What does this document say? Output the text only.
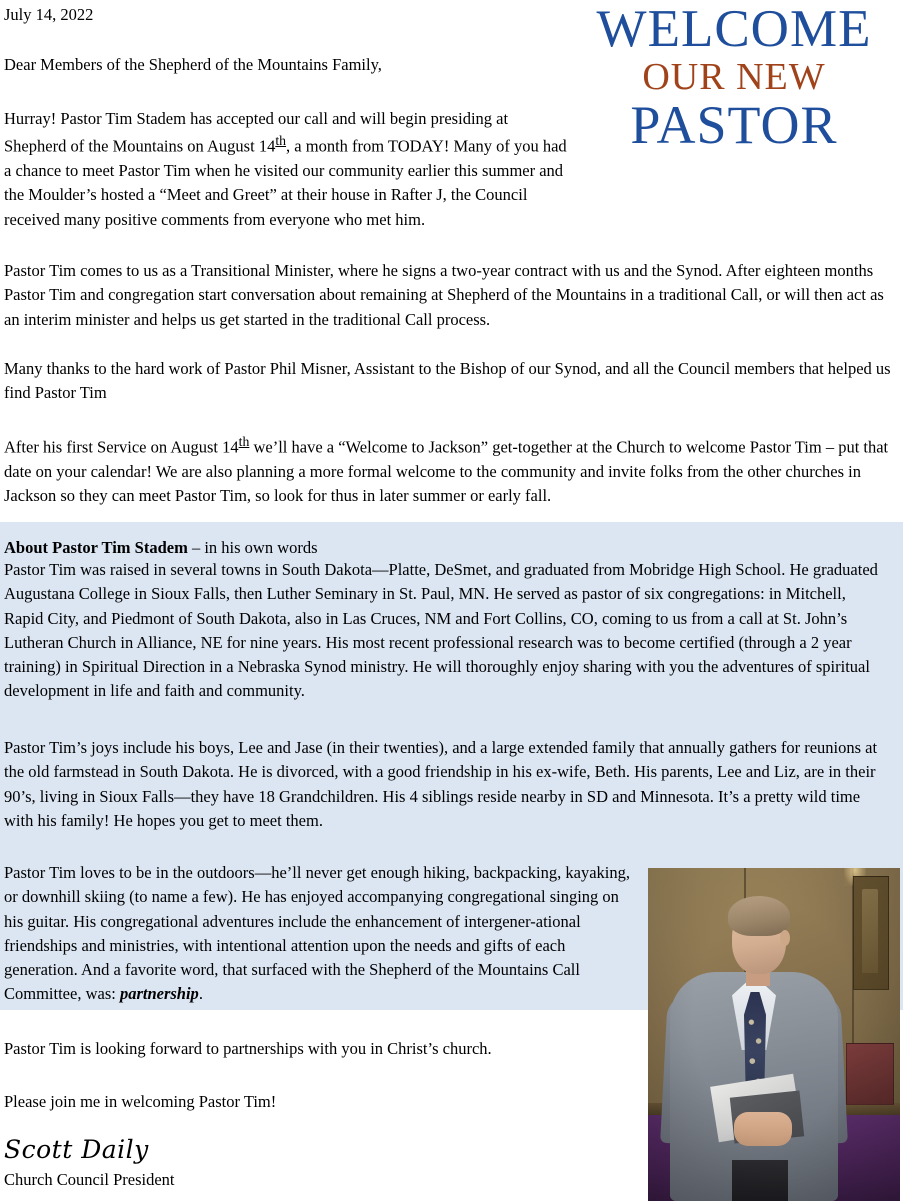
WELCOME
OUR NEW
PASTOR
July 14, 2022
Dear Members of the Shepherd of the Mountains Family,

Hurray! Pastor Tim Stadem has accepted our call and will begin presiding at Shepherd of the Mountains on August 14th, a month from TODAY! Many of you had a chance to meet Pastor Tim when he visited our community earlier this summer and the Moulder’s hosted a “Meet and Greet” at their house in Rafter J, the Council received many positive comments from everyone who met him.

Pastor Tim comes to us as a Transitional Minister, where he signs a two-year contract with us and the Synod. After eighteen months Pastor Tim and congregation start conversation about remaining at Shepherd of the Mountains in a traditional Call, or will then act as an interim minister and helps us get started in the traditional Call process.

Many thanks to the hard work of Pastor Phil Misner, Assistant to the Bishop of our Synod, and all the Council members that helped us find Pastor Tim

After his first Service on August 14th we’ll have a “Welcome to Jackson” get-together at the Church to welcome Pastor Tim – put that date on your calendar! We are also planning a more formal welcome to the community and invite folks from the other churches in Jackson so they can meet Pastor Tim, so look for thus in later summer or early fall.

About Pastor Tim Stadem – in his own words

Pastor Tim was raised in several towns in South Dakota—Platte, DeSmet, and graduated from Mobridge High School. He graduated Augustana College in Sioux Falls, then Luther Seminary in St. Paul, MN. He served as pastor of six congregations: in Mitchell, Rapid City, and Piedmont of South Dakota, also in Las Cruces, NM and Fort Collins, CO, coming to us from a call at St. John’s Lutheran Church in Alliance, NE for nine years. His most recent professional research was to become certified (through a 2 year training) in Spiritual Direction in a Nebraska Synod ministry. He will thoroughly enjoy sharing with you the adventures of spiritual development in life and faith and community.

Pastor Tim’s joys include his boys, Lee and Jase (in their twenties), and a large extended family that annually gathers for reunions at the old farmstead in South Dakota. He is divorced, with a good friendship in his ex-wife, Beth. His parents, Lee and Liz, are in their 90’s, living in Sioux Falls—they have 18 Grandchildren. His 4 siblings reside nearby in SD and Minnesota. It’s a pretty wild time with his family! He hopes you get to meet them.

Pastor Tim loves to be in the outdoors—he’ll never get enough hiking, backpacking, kayaking, or downhill skiing (to name a few). He has enjoyed accompanying congregational singing on his guitar. His congregational adventures include the enhancement of intergener-ational friendships and ministries, with intentional attention upon the needs and gifts of each generation. And a favorite word, that surfaced with the Shepherd of the Mountains Call Committee, was: partnership.

Pastor Tim is looking forward to partnerships with you in Christ’s church.

Please join me in welcoming Pastor Tim!

Scott Daily
Church Council President
